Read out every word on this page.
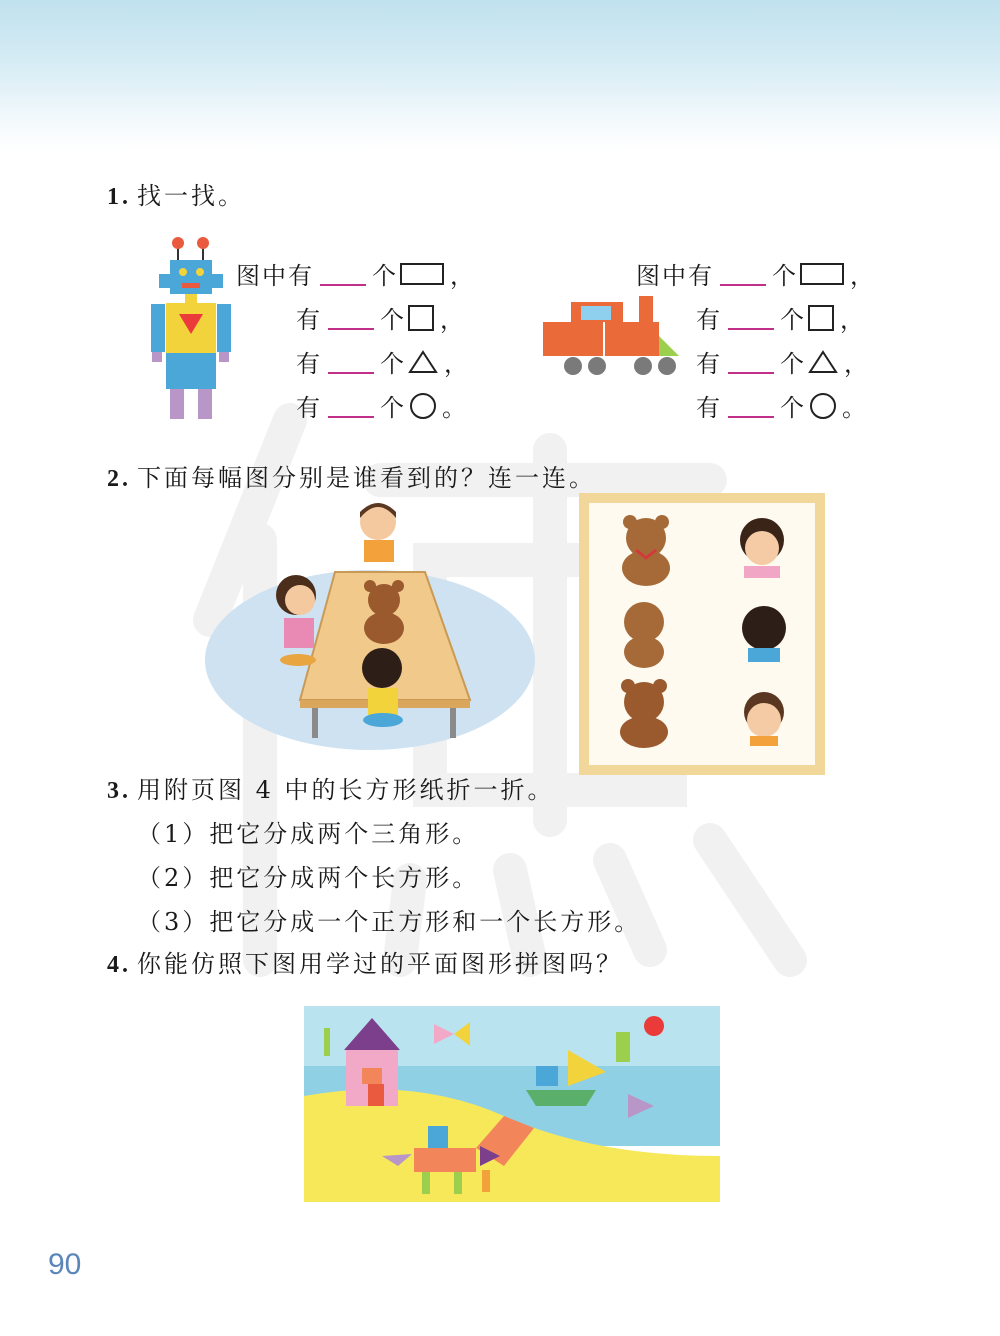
1. 找一找。
图中有 个 ，
有 个 ，
有 个 ，
有 个 。
图中有 个 ，
有 个 ，
有 个 ，
有 个 。
2. 下面每幅图分别是谁看到的？连一连。
3. 用附页图 4 中的长方形纸折一折。
（1）把它分成两个三角形。
（2）把它分成两个长方形。
（3）把它分成一个正方形和一个长方形。
4. 你能仿照下图用学过的平面图形拼图吗？
90
